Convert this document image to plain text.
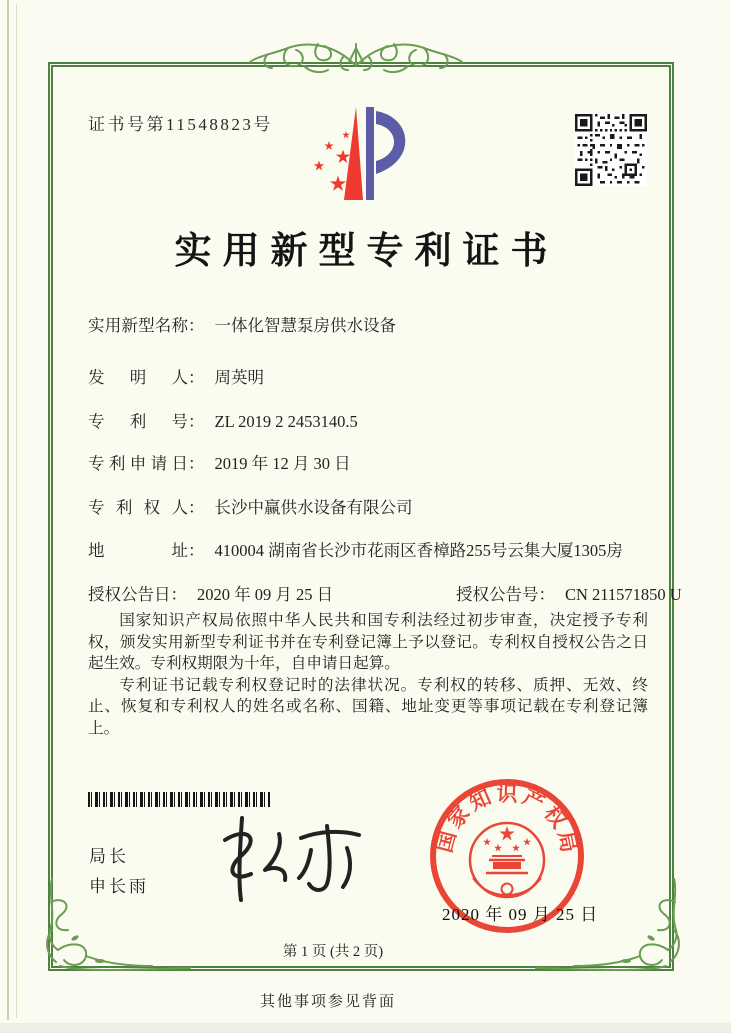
证书号第11548823号
实用新型专利证书
实用新型名称： 一体化智慧泵房供水设备
发明人： 周英明
专利号： ZL 2019 2 2453140.5
专利申请日： 2019 年 12 月 30 日
专利权人： 长沙中赢供水设备有限公司
地址： 410004 湖南省长沙市花雨区香樟路255号云集大厦1305房
授权公告日： 2020 年 09 月 25 日	授权公告号： CN 211571850 U

国家知识产权局依照中华人民共和国专利法经过初步审查，决定授予专利权，颁发实用新型专利证书并在专利登记簿上予以登记。专利权自授权公告之日起生效。专利权期限为十年，自申请日起算。

专利证书记载专利权登记时的法律状况。专利权的转移、质押、无效、终止、恢复和专利权人的姓名或名称、国籍、地址变更等事项记载在专利登记簿上。

局长
申长雨
国家知识产权局
2020 年 09 月 25 日
第 1 页 (共 2 页)
其他事项参见背面
